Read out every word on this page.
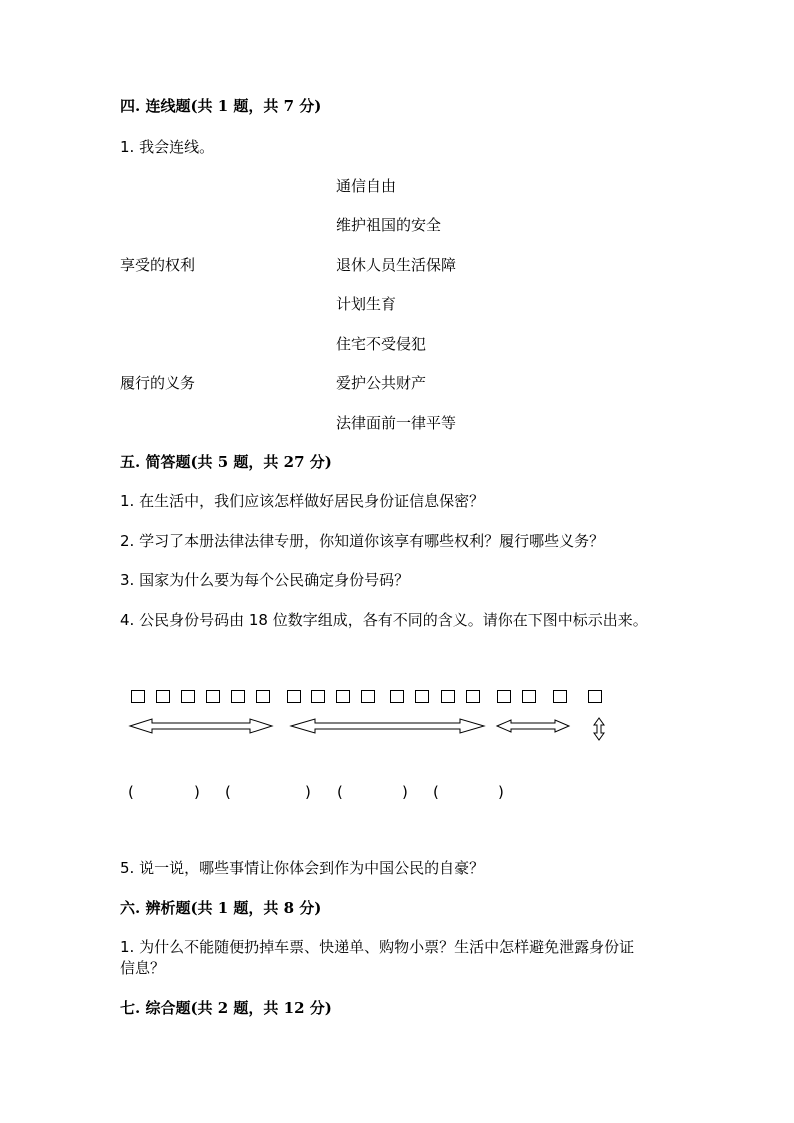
四. 连线题(共 1 题，共 7 分)
1. 我会连线。
通信自由
维护祖国的安全
享受的权利	退休人员生活保障
计划生育
住宅不受侵犯
履行的义务	爱护公共财产
法律面前一律平等
五. 简答题(共 5 题，共 27 分)
1. 在生活中，我们应该怎样做好居民身份证信息保密？
2. 学习了本册法律法律专册，你知道你该享有哪些权利？履行哪些义务？
3. 国家为什么要为每个公民确定身份号码？
4. 公民身份号码由 18 位数字组成，各有不同的含义。请你在下图中标示出来。
(	) (	) (	) (	)
5. 说一说，哪些事情让你体会到作为中国公民的自豪？
六. 辨析题(共 1 题，共 8 分)
1. 为什么不能随便扔掉车票、快递单、购物小票？生活中怎样避免泄露身份证
信息？
七. 综合题(共 2 题，共 12 分)
